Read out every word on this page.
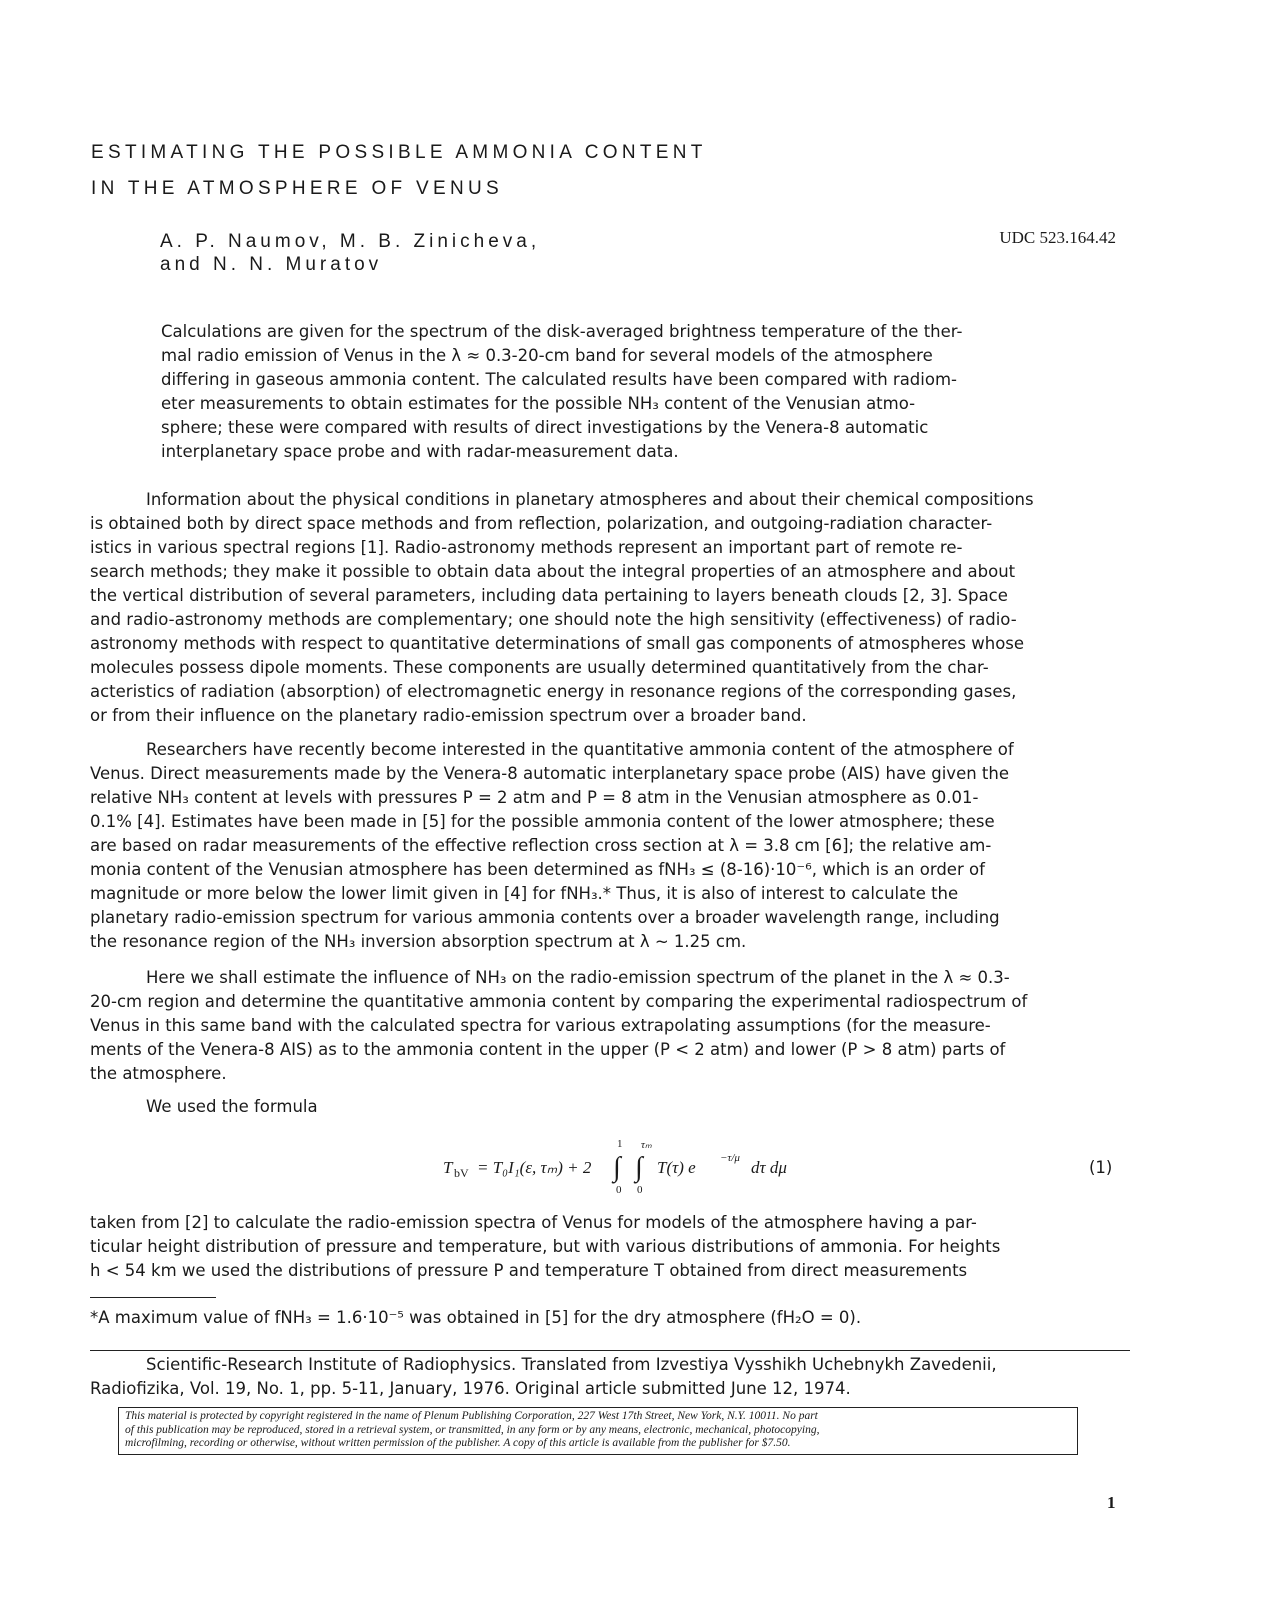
ESTIMATING THE POSSIBLE AMMONIA CONTENT
IN THE ATMOSPHERE OF VENUS
A. P. Naumov, M. B. Zinicheva,
and N. N. Muratov
UDC 523.164.42
Calculations are given for the spectrum of the disk-averaged brightness temperature of the ther-
mal radio emission of Venus in the λ ≈ 0.3-20-cm band for several models of the atmosphere
differing in gaseous ammonia content. The calculated results have been compared with radiom-
eter measurements to obtain estimates for the possible NH₃ content of the Venusian atmo-
sphere; these were compared with results of direct investigations by the Venera-8 automatic
interplanetary space probe and with radar-measurement data.
Information about the physical conditions in planetary atmospheres and about their chemical compositions
is obtained both by direct space methods and from reflection, polarization, and outgoing-radiation character-
istics in various spectral regions [1]. Radio-astronomy methods represent an important part of remote re-
search methods; they make it possible to obtain data about the integral properties of an atmosphere and about
the vertical distribution of several parameters, including data pertaining to layers beneath clouds [2, 3]. Space
and radio-astronomy methods are complementary; one should note the high sensitivity (effectiveness) of radio-
astronomy methods with respect to quantitative determinations of small gas components of atmospheres whose
molecules possess dipole moments. These components are usually determined quantitatively from the char-
acteristics of radiation (absorption) of electromagnetic energy in resonance regions of the corresponding gases,
or from their influence on the planetary radio-emission spectrum over a broader band.
Researchers have recently become interested in the quantitative ammonia content of the atmosphere of
Venus. Direct measurements made by the Venera-8 automatic interplanetary space probe (AIS) have given the
relative NH₃ content at levels with pressures P = 2 atm and P = 8 atm in the Venusian atmosphere as 0.01-
0.1% [4]. Estimates have been made in [5] for the possible ammonia content of the lower atmosphere; these
are based on radar measurements of the effective reflection cross section at λ = 3.8 cm [6]; the relative am-
monia content of the Venusian atmosphere has been determined as fNH₃ ≤ (8-16)·10⁻⁶, which is an order of
magnitude or more below the lower limit given in [4] for fNH₃.* Thus, it is also of interest to calculate the
planetary radio-emission spectrum for various ammonia contents over a broader wavelength range, including
the resonance region of the NH₃ inversion absorption spectrum at λ ~ 1.25 cm.
Here we shall estimate the influence of NH₃ on the radio-emission spectrum of the planet in the λ ≈ 0.3-
20-cm region and determine the quantitative ammonia content by comparing the experimental radiospectrum of
Venus in this same band with the calculated spectra for various extrapolating assumptions (for the measure-
ments of the Venera-8 AIS) as to the ammonia content in the upper (P < 2 atm) and lower (P > 8 atm) parts of
the atmosphere.
We used the formula
T bV = T₀I₁(ε, τₘ) + 2 ∫
1
0
∫
τₘ
0
T(τ) e −τ/μ dτ dμ	(1)
taken from [2] to calculate the radio-emission spectra of Venus for models of the atmosphere having a par-
ticular height distribution of pressure and temperature, but with various distributions of ammonia. For heights
h < 54 km we used the distributions of pressure P and temperature T obtained from direct measurements
*A maximum value of fNH₃ = 1.6·10⁻⁵ was obtained in [5] for the dry atmosphere (fH₂O = 0).
Scientific-Research Institute of Radiophysics. Translated from Izvestiya Vysshikh Uchebnykh Zavedenii,
Radiofizika, Vol. 19, No. 1, pp. 5-11, January, 1976. Original article submitted June 12, 1974.
This material is protected by copyright registered in the name of Plenum Publishing Corporation, 227 West 17th Street, New York, N.Y. 10011. No part
of this publication may be reproduced, stored in a retrieval system, or transmitted, in any form or by any means, electronic, mechanical, photocopying,
microfilming, recording or otherwise, without written permission of the publisher. A copy of this article is available from the publisher for $7.50.
1
